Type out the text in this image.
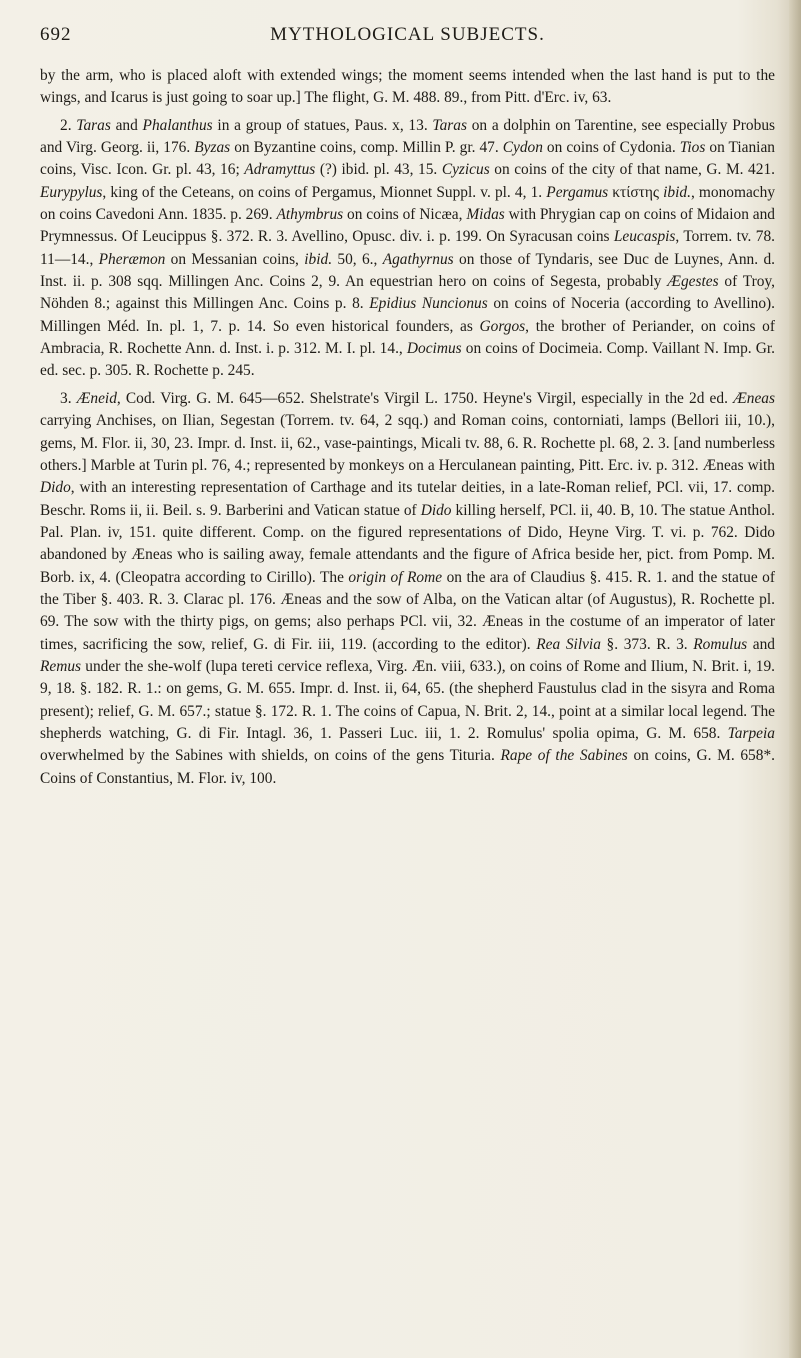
692	MYTHOLOGICAL SUBJECTS.

by the arm, who is placed aloft with extended wings; the moment seems intended when the last hand is put to the wings, and Icarus is just going to soar up.] The flight, G. M. 488. 89., from Pitt. d'Erc. iv, 63.

2. Taras and Phalanthus in a group of statues, Paus. x, 13. Taras on a dolphin on Tarentine, see especially Probus and Virg. Georg. ii, 176. Byzas on Byzantine coins, comp. Millin P. gr. 47. Cydon on coins of Cydonia. Tios on Tianian coins, Visc. Icon. Gr. pl. 43, 16; Adramyttus (?) ibid. pl. 43, 15. Cyzicus on coins of the city of that name, G. M. 421. Eurypylus, king of the Ceteans, on coins of Pergamus, Mionnet Suppl. v. pl. 4, 1. Pergamus κτίστης ibid., monomachy on coins Cavedoni Ann. 1835. p. 269. Athymbrus on coins of Nicæa, Midas with Phrygian cap on coins of Midaion and Prymnessus. Of Leucippus §. 372. R. 3. Avellino, Opusc. div. i. p. 199. On Syracusan coins Leucaspis, Torrem. tv. 78. 11—14., Pheræmon on Messanian coins, ibid. 50, 6., Agathyrnus on those of Tyndaris, see Duc de Luynes, Ann. d. Inst. ii. p. 308 sqq. Millingen Anc. Coins 2, 9. An equestrian hero on coins of Segesta, probably Ægestes of Troy, Nöhden 8.; against this Millingen Anc. Coins p. 8. Epidius Nuncionus on coins of Noceria (according to Avellino). Millingen Méd. In. pl. 1, 7. p. 14. So even historical founders, as Gorgos, the brother of Periander, on coins of Ambracia, R. Rochette Ann. d. Inst. i. p. 312. M. I. pl. 14., Docimus on coins of Docimeia. Comp. Vaillant N. Imp. Gr. ed. sec. p. 305. R. Rochette p. 245.

3. Æneid, Cod. Virg. G. M. 645—652. Shelstrate's Virgil L. 1750. Heyne's Virgil, especially in the 2d ed. Æneas carrying Anchises, on Ilian, Segestan (Torrem. tv. 64, 2 sqq.) and Roman coins, contorniati, lamps (Bellori iii, 10.), gems, M. Flor. ii, 30, 23. Impr. d. Inst. ii, 62., vase-paintings, Micali tv. 88, 6. R. Rochette pl. 68, 2. 3. [and numberless others.] Marble at Turin pl. 76, 4.; represented by monkeys on a Herculanean painting, Pitt. Erc. iv. p. 312. Æneas with Dido, with an interesting representation of Carthage and its tutelar deities, in a late-Roman relief, PCl. vii, 17. comp. Beschr. Roms ii, ii. Beil. s. 9. Barberini and Vatican statue of Dido killing herself, PCl. ii, 40. B, 10. The statue Anthol. Pal. Plan. iv, 151. quite different. Comp. on the figured representations of Dido, Heyne Virg. T. vi. p. 762. Dido abandoned by Æneas who is sailing away, female attendants and the figure of Africa beside her, pict. from Pomp. M. Borb. ix, 4. (Cleopatra according to Cirillo). The origin of Rome on the ara of Claudius §. 415. R. 1. and the statue of the Tiber §. 403. R. 3. Clarac pl. 176. Æneas and the sow of Alba, on the Vatican altar (of Augustus), R. Rochette pl. 69. The sow with the thirty pigs, on gems; also perhaps PCl. vii, 32. Æneas in the costume of an imperator of later times, sacrificing the sow, relief, G. di Fir. iii, 119. (according to the editor). Rea Silvia §. 373. R. 3. Romulus and Remus under the she-wolf (lupa tereti cervice reflexa, Virg. Æn. viii, 633.), on coins of Rome and Ilium, N. Brit. i, 19. 9, 18. §. 182. R. 1.: on gems, G. M. 655. Impr. d. Inst. ii, 64, 65. (the shepherd Faustulus clad in the sisyra and Roma present); relief, G. M. 657.; statue §. 172. R. 1. The coins of Capua, N. Brit. 2, 14., point at a similar local legend. The shepherds watching, G. di Fir. Intagl. 36, 1. Passeri Luc. iii, 1. 2. Romulus' spolia opima, G. M. 658. Tarpeia overwhelmed by the Sabines with shields, on coins of the gens Tituria. Rape of the Sabines on coins, G. M. 658*. Coins of Constantius, M. Flor. iv, 100.
